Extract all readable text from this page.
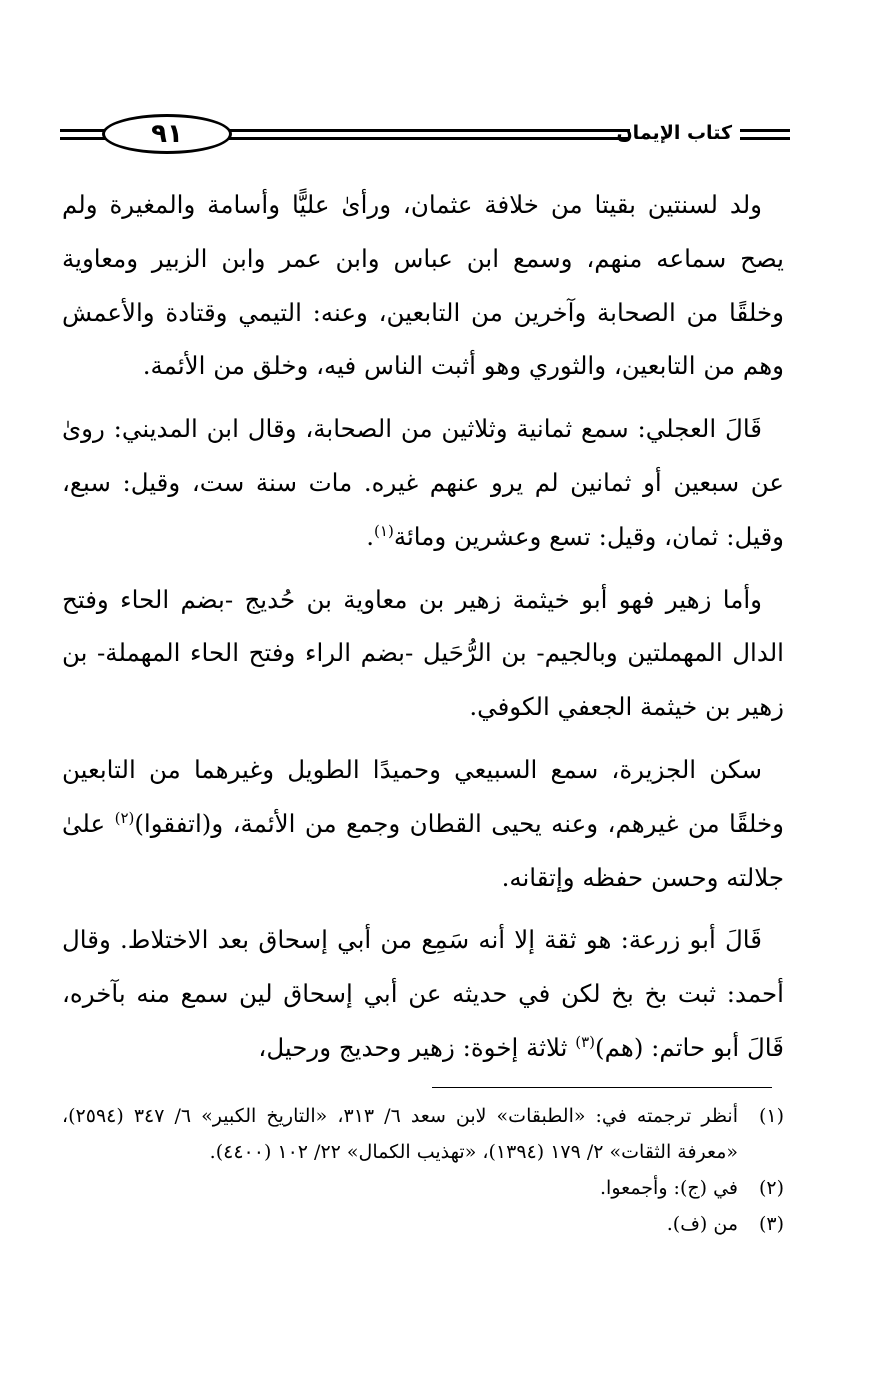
٩١	كتاب الإيمان

ولد لسنتين بقيتا من خلافة عثمان، ورأىٰ عليًّا وأسامة والمغيرة ولم يصح سماعه منهم، وسمع ابن عباس وابن عمر وابن الزبير ومعاوية وخلقًا من الصحابة وآخرين من التابعين، وعنه: التيمي وقتادة والأعمش وهم من التابعين، والثوري وهو أثبت الناس فيه، وخلق من الأئمة.

قَالَ العجلي: سمع ثمانية وثلاثين من الصحابة، وقال ابن المديني: روىٰ عن سبعين أو ثمانين لم يرو عنهم غيره. مات سنة ست، وقيل: سبع، وقيل: ثمان، وقيل: تسع وعشرين ومائة$^{(١)}$.

وأما زهير فهو أبو خيثمة زهير بن معاوية بن حُديج -بضم الحاء وفتح الدال المهملتين وبالجيم- بن الرُّحَيل -بضم الراء وفتح الحاء المهملة- بن زهير بن خيثمة الجعفي الكوفي.

سكن الجزيرة، سمع السبيعي وحميدًا الطويل وغيرهما من التابعين وخلقًا من غيرهم، وعنه يحيى القطان وجمع من الأئمة، و(اتفقوا)$^{(٢)}$ علىٰ جلالته وحسن حفظه وإتقانه.

قَالَ أبو زرعة: هو ثقة إلا أنه سَمِع من أبي إسحاق بعد الاختلاط. وقال أحمد: ثبت بخ بخ لكن في حديثه عن أبي إسحاق لين سمع منه بآخره، قَالَ أبو حاتم: (هم)$^{(٣)}$ ثلاثة إخوة: زهير وحديج ورحيل،

(١)
أنظر ترجمته في: «الطبقات» لابن سعد ٦/ ٣١٣، «التاريخ الكبير» ٦/ ٣٤٧ (٢٥٩٤)، «معرفة الثقات» ٢/ ١٧٩ (١٣٩٤)، «تهذيب الكمال» ٢٢/ ١٠٢ (٤٤٠٠).
(٢)
في (ج): وأجمعوا.
(٣)
من (ف).
